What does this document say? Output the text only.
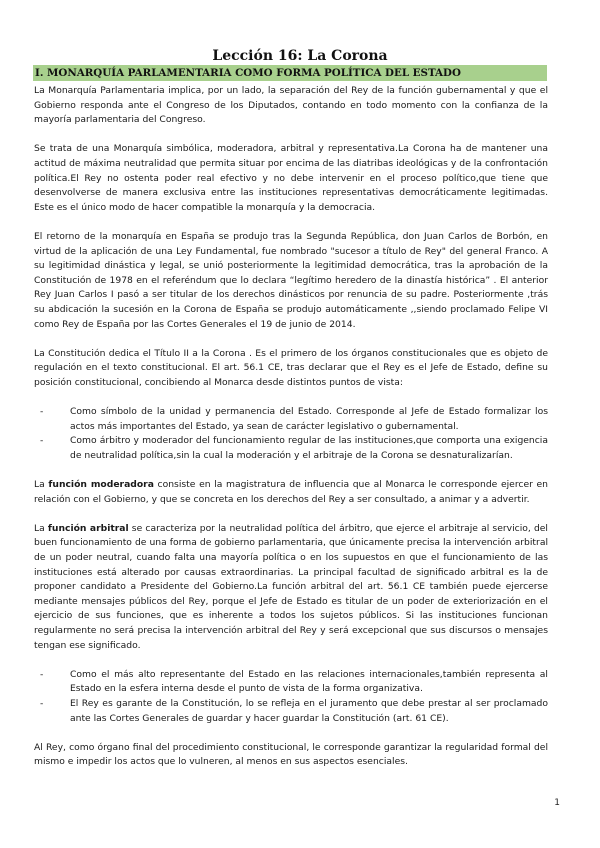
Lección 16: La Corona
I. MONARQUÍA PARLAMENTARIA COMO FORMA POLÍTICA DEL ESTADO

La Monarquía Parlamentaria implica, por un lado, la separación del Rey de la función gubernamental y que el Gobierno responda ante el Congreso de los Diputados, contando en todo momento con la confianza de la mayoría parlamentaria del Congreso.

Se trata de una Monarquía simbólica, moderadora, arbitral y representativa.La Corona ha de mantener una actitud de máxima neutralidad que permita situar por encima de las diatribas ideológicas y de la confrontación política.El Rey no ostenta poder real efectivo y no debe intervenir en el proceso político,que tiene que desenvolverse de manera exclusiva entre las instituciones representativas democráticamente legitimadas. Este es el único modo de hacer compatible la monarquía y la democracia.

El retorno de la monarquía en España se produjo tras la Segunda República, don Juan Carlos de Borbón, en virtud de la aplicación de una Ley Fundamental, fue nombrado "sucesor a título de Rey" del general Franco. A su legitimidad dinástica y legal, se unió posteriormente la legitimidad democrática, tras la aprobación de la Constitución de 1978 en el referéndum que lo declara “legítimo heredero de la dinastía histórica” . El anterior Rey Juan Carlos I pasó a ser titular de los derechos dinásticos por renuncia de su padre. Posteriormente ,trás su abdicación la sucesión en la Corona de España se produjo automáticamente ,,siendo proclamado Felipe VI como Rey de España por las Cortes Generales el 19 de junio de 2014.

La Constitución dedica el Título II a la Corona . Es el primero de los órganos constitucionales que es objeto de regulación en el texto constitucional. El art. 56.1 CE, tras declarar que el Rey es el Jefe de Estado, define su posición constitucional, concibiendo al Monarca desde distintos puntos de vista:

- Como símbolo de la unidad y permanencia del Estado. Corresponde al Jefe de Estado formalizar los actos más importantes del Estado, ya sean de carácter legislativo o gubernamental.
- Como árbitro y moderador del funcionamiento regular de las instituciones,que comporta una exigencia de neutralidad política,sin la cual la moderación y el arbitraje de la Corona se desnaturalizarían.

La función moderadora consiste en la magistratura de influencia que al Monarca le corresponde ejercer en relación con el Gobierno, y que se concreta en los derechos del Rey a ser consultado, a animar y a advertir.

La función arbitral se caracteriza por la neutralidad política del árbitro, que ejerce el arbitraje al servicio, del buen funcionamiento de una forma de gobierno parlamentaria, que únicamente precisa la intervención arbitral de un poder neutral, cuando falta una mayoría política o en los supuestos en que el funcionamiento de las instituciones está alterado por causas extraordinarias. La principal facultad de significado arbitral es la de proponer candidato a Presidente del Gobierno.La función arbitral del art. 56.1 CE también puede ejercerse mediante mensajes públicos del Rey, porque el Jefe de Estado es titular de un poder de exteriorización en el ejercicio de sus funciones, que es inherente a todos los sujetos públicos. Si las instituciones funcionan regularmente no será precisa la intervención arbitral del Rey y será excepcional que sus discursos o mensajes tengan ese significado.

- Como el más alto representante del Estado en las relaciones internacionales,también representa al Estado en la esfera interna desde el punto de vista de la forma organizativa.
- El Rey es garante de la Constitución, lo se refleja en el juramento que debe prestar al ser proclamado ante las Cortes Generales de guardar y hacer guardar la Constitución (art. 61 CE).

Al Rey, como órgano final del procedimiento constitucional, le corresponde garantizar la regularidad formal del mismo e impedir los actos que lo vulneren, al menos en sus aspectos esenciales.

1
